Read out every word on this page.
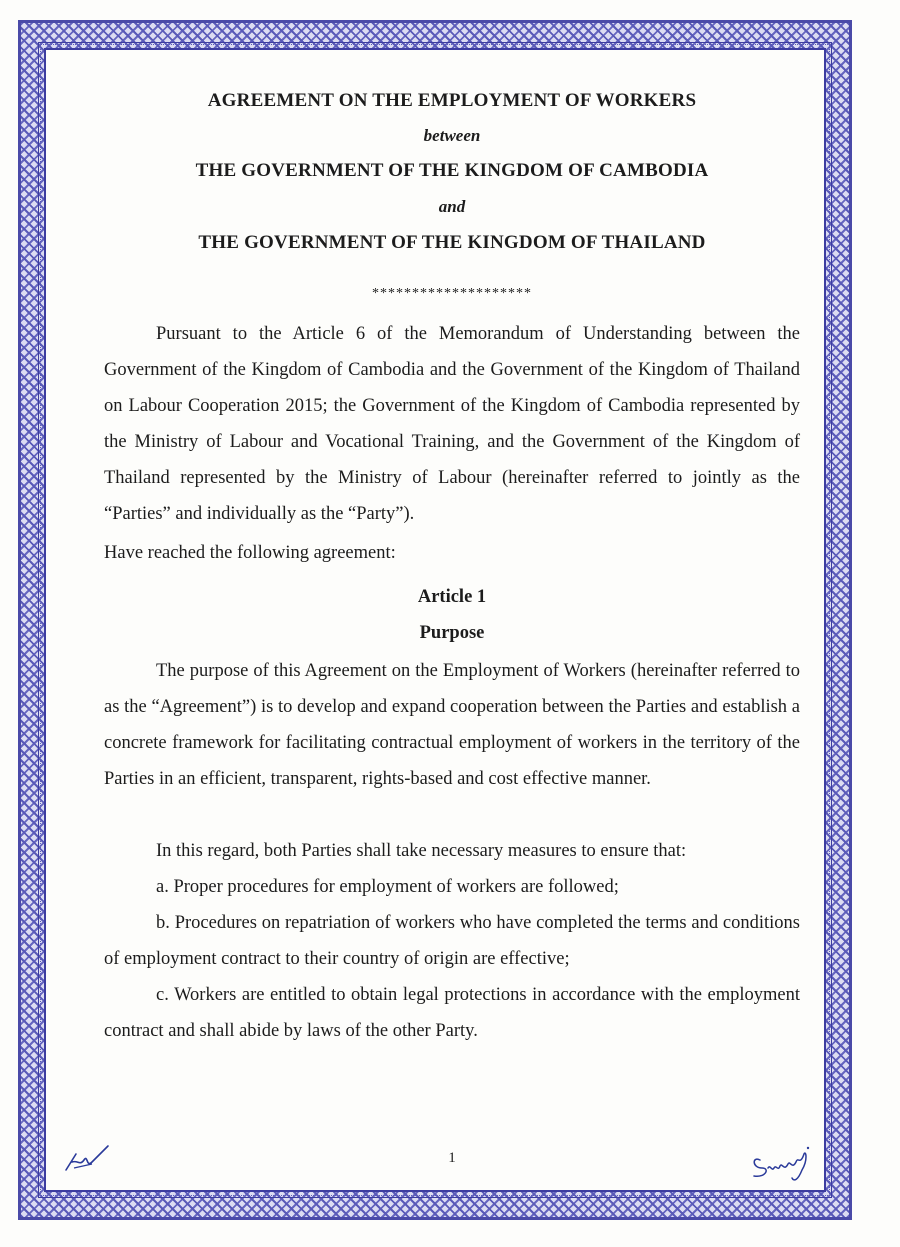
AGREEMENT ON THE EMPLOYMENT OF WORKERS
between
THE GOVERNMENT OF THE KINGDOM OF CAMBODIA
and
THE GOVERNMENT OF THE KINGDOM OF THAILAND
********************
Pursuant to the Article 6 of the Memorandum of Understanding between the Government of the Kingdom of Cambodia and the Government of the Kingdom of Thailand on Labour Cooperation 2015; the Government of the Kingdom of Cambodia represented by the Ministry of Labour and Vocational Training, and the Government of the Kingdom of Thailand represented by the Ministry of Labour (hereinafter referred to jointly as the “Parties” and individually as the “Party”).
Have reached the following agreement:
Article 1
Purpose
The purpose of this Agreement on the Employment of Workers (hereinafter referred to as the “Agreement”) is to develop and expand cooperation between the Parties and establish a concrete framework for facilitating contractual employment of workers in the territory of the Parties in an efficient, transparent, rights-based and cost effective manner.
In this regard, both Parties shall take necessary measures to ensure that:
a. Proper procedures for employment of workers are followed;
b. Procedures on repatriation of workers who have completed the terms and conditions of employment contract to their country of origin are effective;
c. Workers are entitled to obtain legal protections in accordance with the employment contract and shall abide by laws of the other Party.
1
